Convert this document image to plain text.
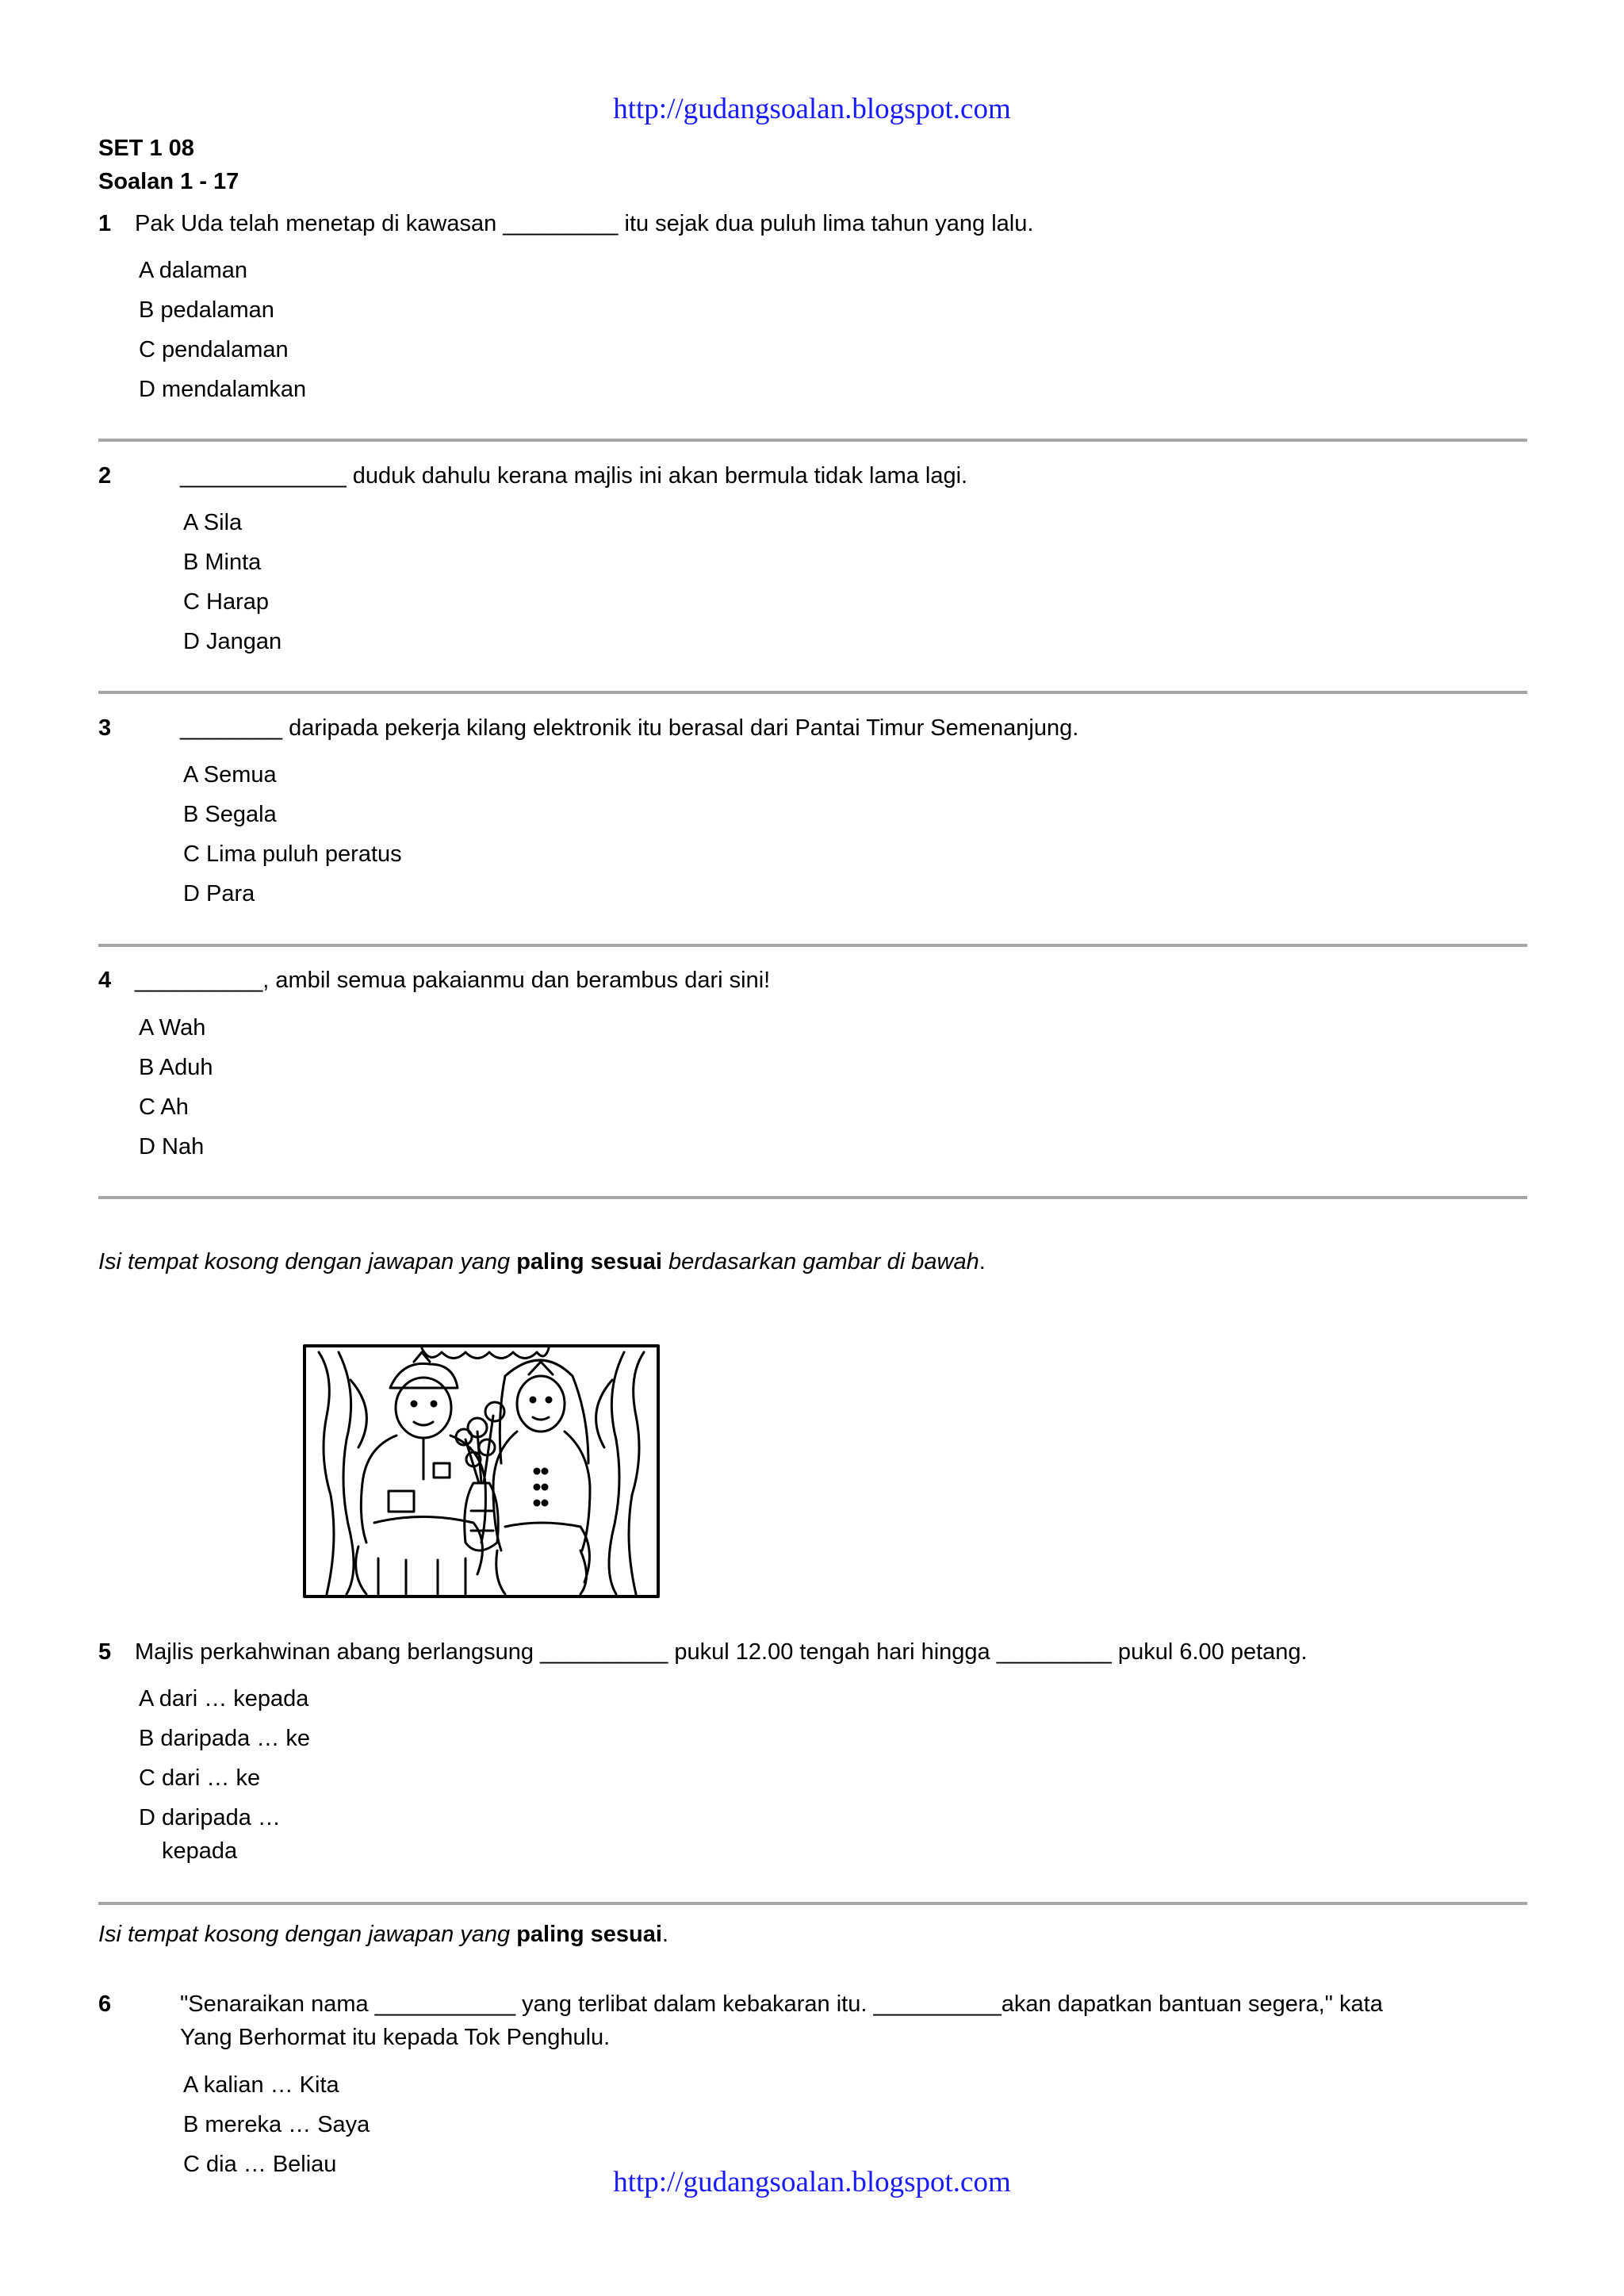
http://gudangsoalan.blogspot.com
SET 1 08
Soalan 1 - 17
1 Pak Uda telah menetap di kawasan _________ itu sejak dua puluh lima tahun yang lalu.
A dalaman
B pedalaman
C pendalaman
D mendalamkan
2	_____________ duduk dahulu kerana majlis ini akan bermula tidak lama lagi.
A Sila
B Minta
C Harap
D Jangan
3	________ daripada pekerja kilang elektronik itu berasal dari Pantai Timur Semenanjung.
A Semua
B Segala
C Lima puluh peratus
D Para
4 __________, ambil semua pakaianmu dan berambus dari sini!
A Wah
B Aduh
C Ah
D Nah
Isi tempat kosong dengan jawapan yang paling sesuai berdasarkan gambar di bawah.
5 Majlis perkahwinan abang berlangsung __________ pukul 12.00 tengah hari hingga _________ pukul 6.00 petang.
A dari … kepada
B daripada … ke
C dari … ke
D daripada …
kepada
Isi tempat kosong dengan jawapan yang paling sesuai.
6	"Senaraikan nama ___________ yang terlibat dalam kebakaran itu. __________akan dapatkan bantuan segera," kata
Yang Berhormat itu kepada Tok Penghulu.
A kalian … Kita
B mereka … Saya
C dia … Beliau
http://gudangsoalan.blogspot.com
